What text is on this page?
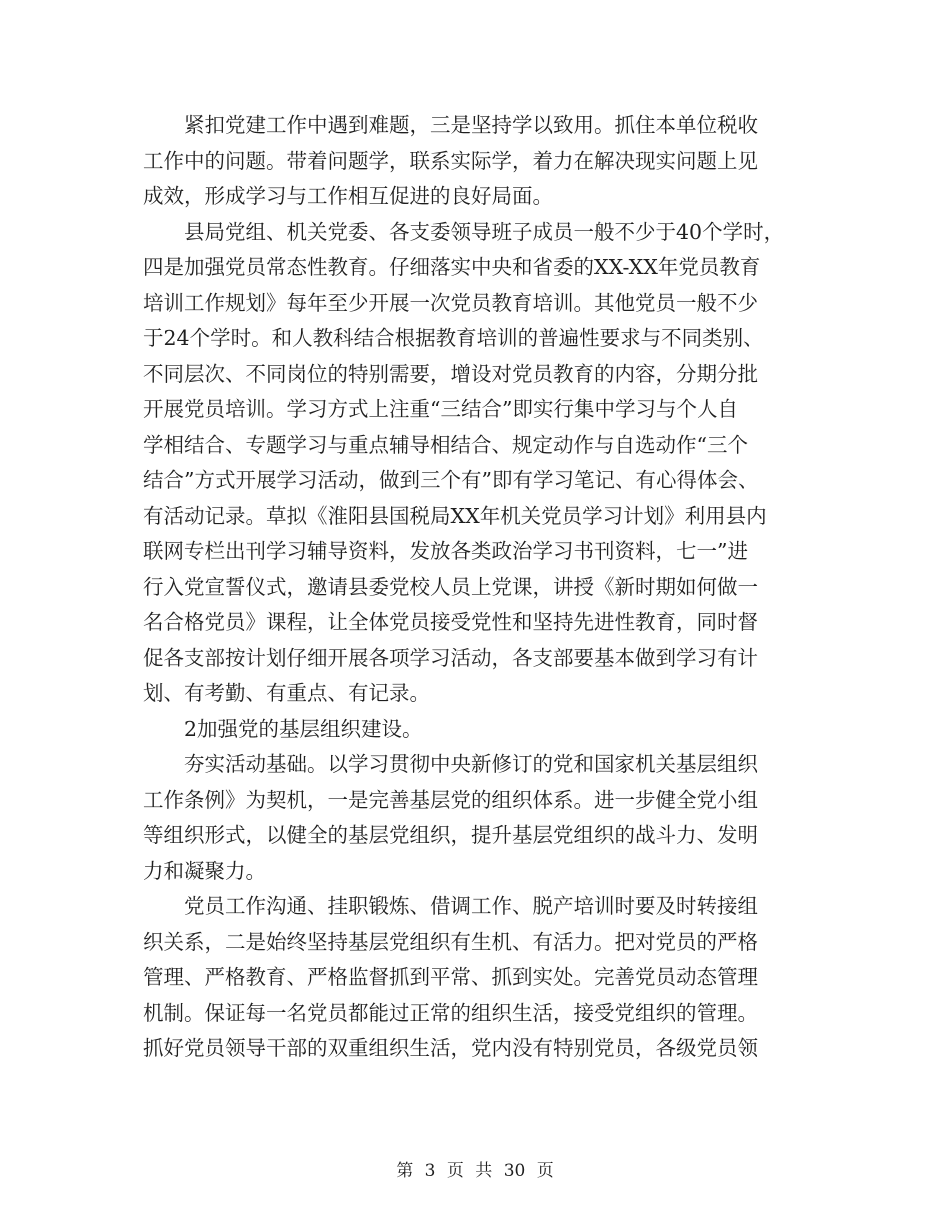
紧扣党建工作中遇到难题，三是坚持学以致用。抓住本单位税收
工作中的问题。带着问题学，联系实际学，着力在解决现实问题上见
成效，形成学习与工作相互促进的良好局面。
县局党组、机关党委、各支委领导班子成员一般不少于40个学时，
四是加强党员常态性教育。仔细落实中央和省委的XX-XX年党员教育
培训工作规划》每年至少开展一次党员教育培训。其他党员一般不少
于24个学时。和人教科结合根据教育培训的普遍性要求与不同类别、
不同层次、不同岗位的特别需要，增设对党员教育的内容，分期分批
开展党员培训。学习方式上注重“三结合”即实行集中学习与个人自
学相结合、专题学习与重点辅导相结合、规定动作与自选动作“三个
结合”方式开展学习活动，做到三个有”即有学习笔记、有心得体会、
有活动记录。草拟《淮阳县国税局XX年机关党员学习计划》利用县内
联网专栏出刊学习辅导资料，发放各类政治学习书刊资料，七一”进
行入党宣誓仪式，邀请县委党校人员上党课，讲授《新时期如何做一
名合格党员》课程，让全体党员接受党性和坚持先进性教育，同时督
促各支部按计划仔细开展各项学习活动，各支部要基本做到学习有计
划、有考勤、有重点、有记录。
2加强党的基层组织建设。
夯实活动基础。以学习贯彻中央新修订的党和国家机关基层组织
工作条例》为契机，一是完善基层党的组织体系。进一步健全党小组
等组织形式，以健全的基层党组织，提升基层党组织的战斗力、发明
力和凝聚力。
党员工作沟通、挂职锻炼、借调工作、脱产培训时要及时转接组
织关系，二是始终坚持基层党组织有生机、有活力。把对党员的严格
管理、严格教育、严格监督抓到平常、抓到实处。完善党员动态管理
机制。保证每一名党员都能过正常的组织生活，接受党组织的管理。
抓好党员领导干部的双重组织生活，党内没有特别党员，各级党员领
第 3 页 共 30 页
